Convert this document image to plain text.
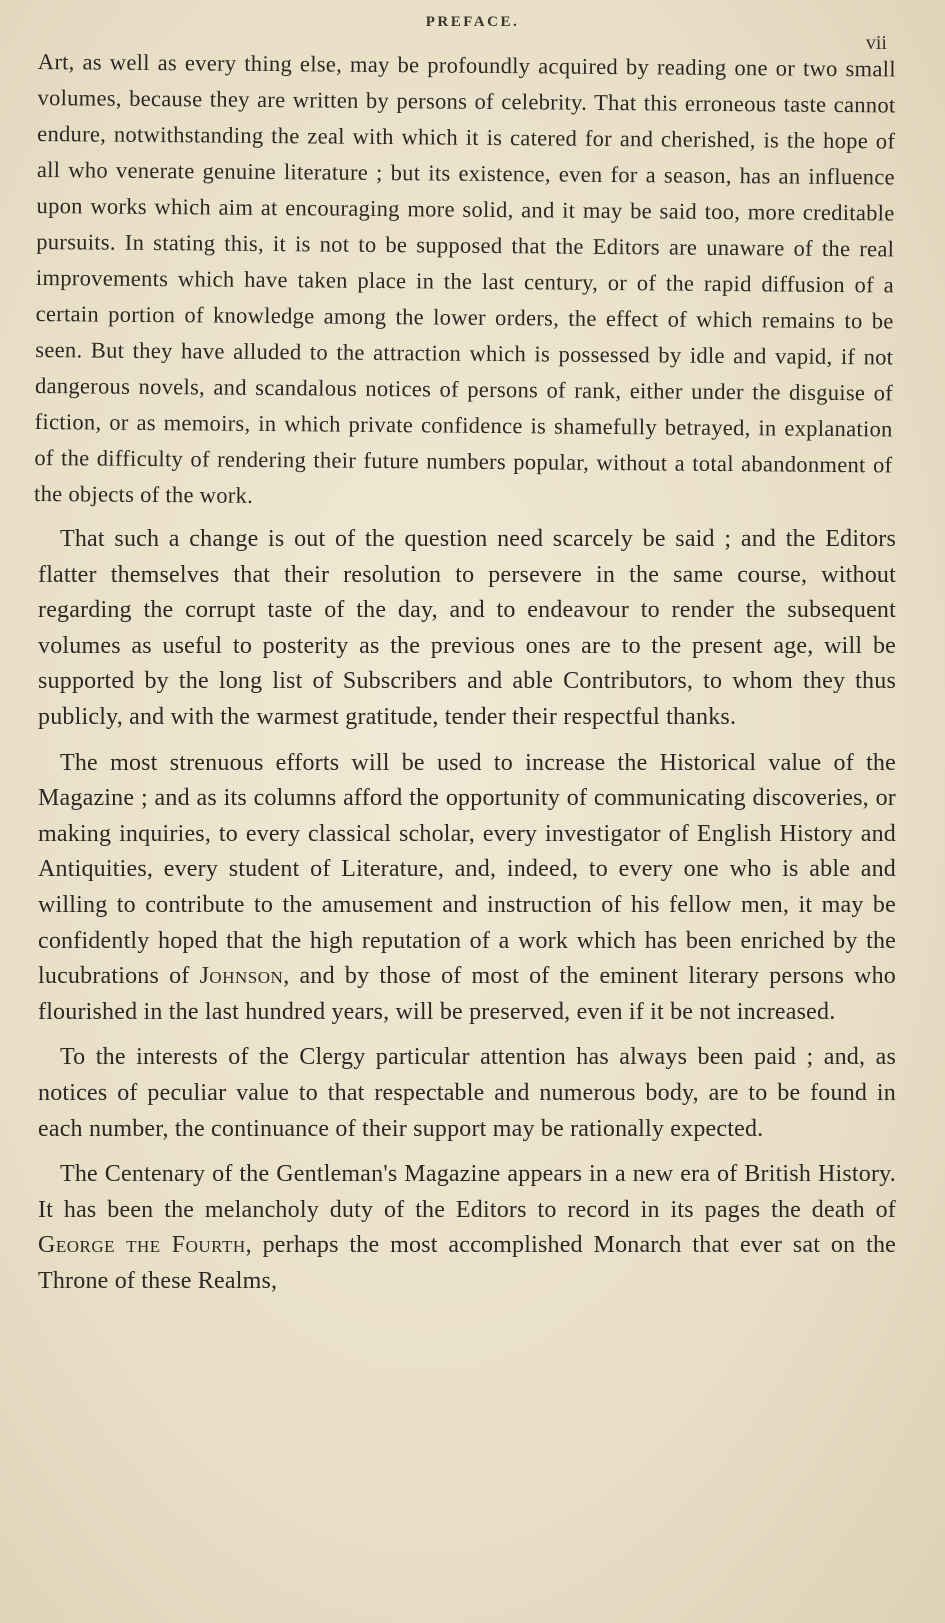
PREFACE.
vii

Art, as well as every thing else, may be profoundly acquired by reading one or two small volumes, because they are written by persons of celebrity. That this erroneous taste cannot endure, notwithstanding the zeal with which it is catered for and cherished, is the hope of all who venerate genuine literature ; but its existence, even for a season, has an influence upon works which aim at encouraging more solid, and it may be said too, more creditable pursuits. In stating this, it is not to be supposed that the Editors are unaware of the real improvements which have taken place in the last century, or of the rapid diffusion of a certain portion of knowledge among the lower orders, the effect of which remains to be seen. But they have alluded to the attraction which is possessed by idle and vapid, if not dangerous novels, and scandalous notices of persons of rank, either under the disguise of fiction, or as memoirs, in which private confidence is shamefully betrayed, in explanation of the difficulty of rendering their future numbers popular, without a total abandonment of the objects of the work.

That such a change is out of the question need scarcely be said ; and the Editors flatter themselves that their resolution to persevere in the same course, without regarding the corrupt taste of the day, and to endeavour to render the subsequent volumes as useful to posterity as the previous ones are to the present age, will be supported by the long list of Subscribers and able Contributors, to whom they thus publicly, and with the warmest gratitude, tender their respectful thanks.

The most strenuous efforts will be used to increase the Historical value of the Magazine ; and as its columns afford the opportunity of communicating discoveries, or making inquiries, to every classical scholar, every investigator of English History and Antiquities, every student of Literature, and, indeed, to every one who is able and willing to contribute to the amusement and instruction of his fellow men, it may be confidently hoped that the high reputation of a work which has been enriched by the lucubrations of Johnson, and by those of most of the eminent literary persons who flourished in the last hundred years, will be preserved, even if it be not increased.

To the interests of the Clergy particular attention has always been paid ; and, as notices of peculiar value to that respectable and numerous body, are to be found in each number, the continuance of their support may be rationally expected.

The Centenary of the Gentleman's Magazine appears in a new era of British History. It has been the melancholy duty of the Editors to record in its pages the death of George the Fourth, perhaps the most accomplished Monarch that ever sat on the Throne of these Realms,
